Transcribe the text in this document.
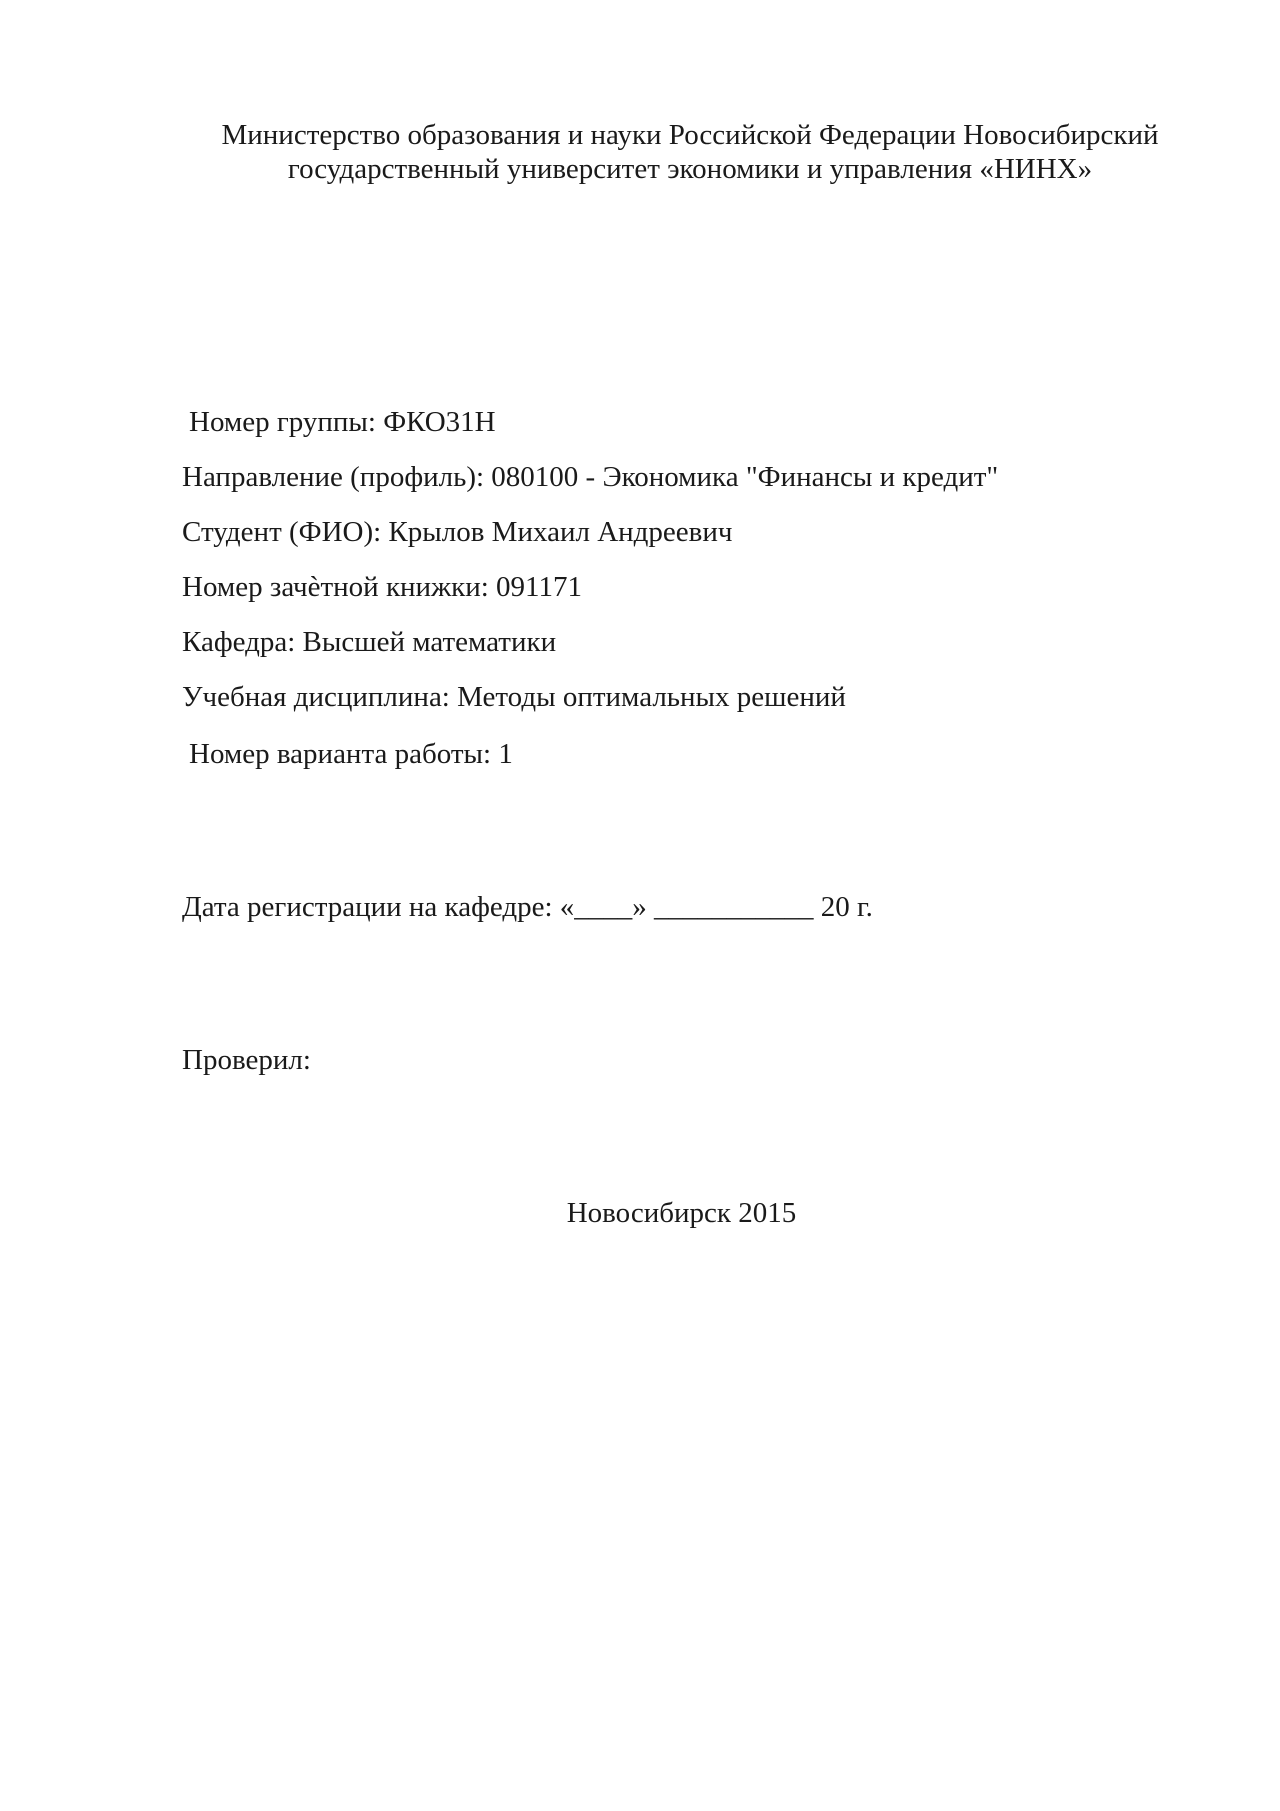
Министерство образования и науки Российской Федерации Новосибирский
государственный университет экономики и управления «НИНХ»
Номер группы: ФКО31Н
Направление (профиль): 080100 - Экономика "Финансы и кредит"
Студент (ФИО): Крылов Михаил Андреевич
Номер зачѐтной книжки: 091171
Кафедра: Высшей математики
Учебная дисциплина: Методы оптимальных решений
Номер варианта работы: 1
Дата регистрации на кафедре: «____» ___________ 20 г.
Проверил:
Новосибирск 2015
